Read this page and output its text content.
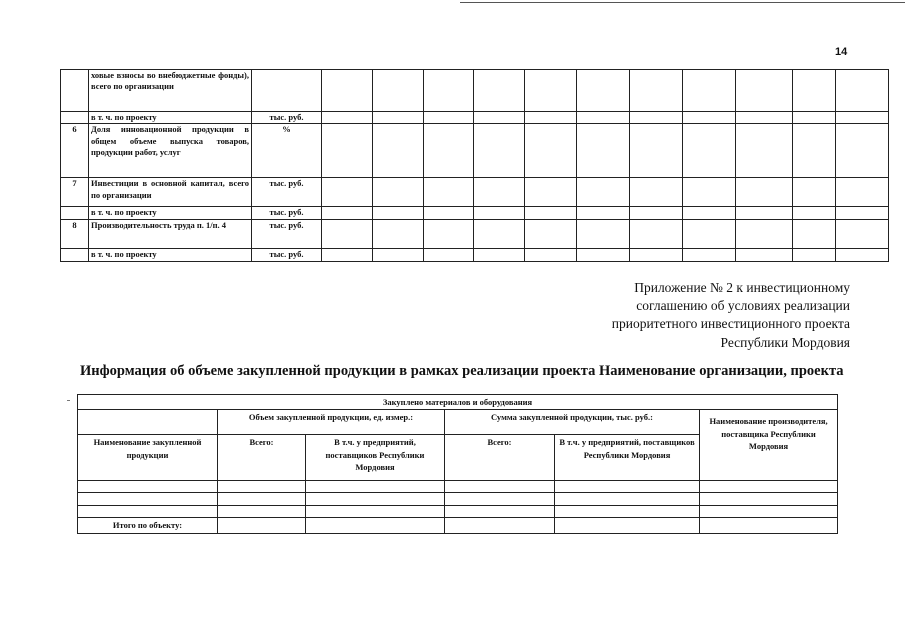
14
	ховые взносы во внебюджетные фонды), всего по организации												
	в т. ч. по проекту	тыс. руб.											
6	Доля инновационной продукции в общем объеме выпуска товаров, продукции работ, услуг	%											
7	Инвестиции в основной капитал, всего по организации	тыс. руб.											
	в т. ч. по проекту	тыс. руб.											
8	Производительность труда п. 1/п. 4	тыс. руб.											
	в т. ч. по проекту	тыс. руб.											
Приложение № 2 к инвестиционному
соглашению об условиях реализации
приоритетного инвестиционного проекта
Республики Мордовия
Информация об объеме закупленной продукции в рамках реализации проекта Наименование организации, проекта
Закуплено материалов и оборудования					
	Объем закупленной продукции, ед. измер.:		Сумма закупленной продукции, тыс. руб.:		Наименование производителя, поставщика Республики Мордовия
Наименование закупленной продукции	Всего:	В т.ч. у предприятий, поставщиков Республики Мордовия	Всего:	В т.ч. у предприятий, поставщиков Республики Мордовия	

Итого по объекту:					
